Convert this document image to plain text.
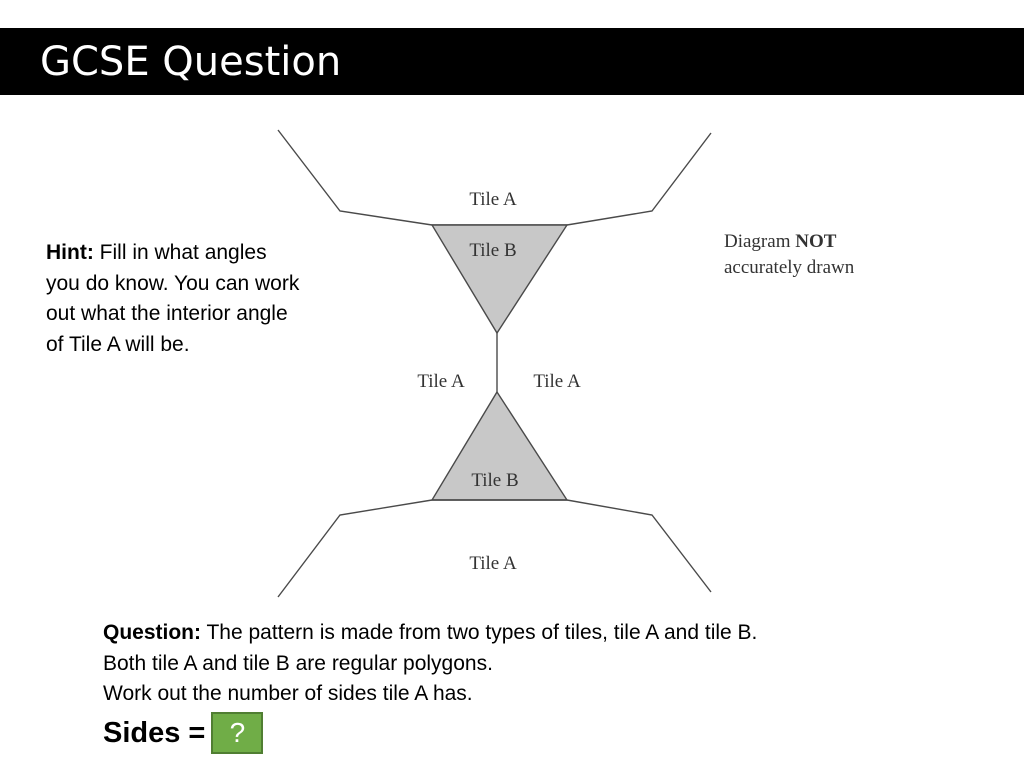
GCSE Question
Hint: Fill in what angles you do know. You can work out what the interior angle of Tile A will be.
Tile A
Tile B
Tile A	Tile A
Tile B
Tile A
Diagram NOT
accurately drawn
Question: The pattern is made from two types of tiles, tile A and tile B.
Both tile A and tile B are regular polygons.
Work out the number of sides tile A has.
Sides = ?
